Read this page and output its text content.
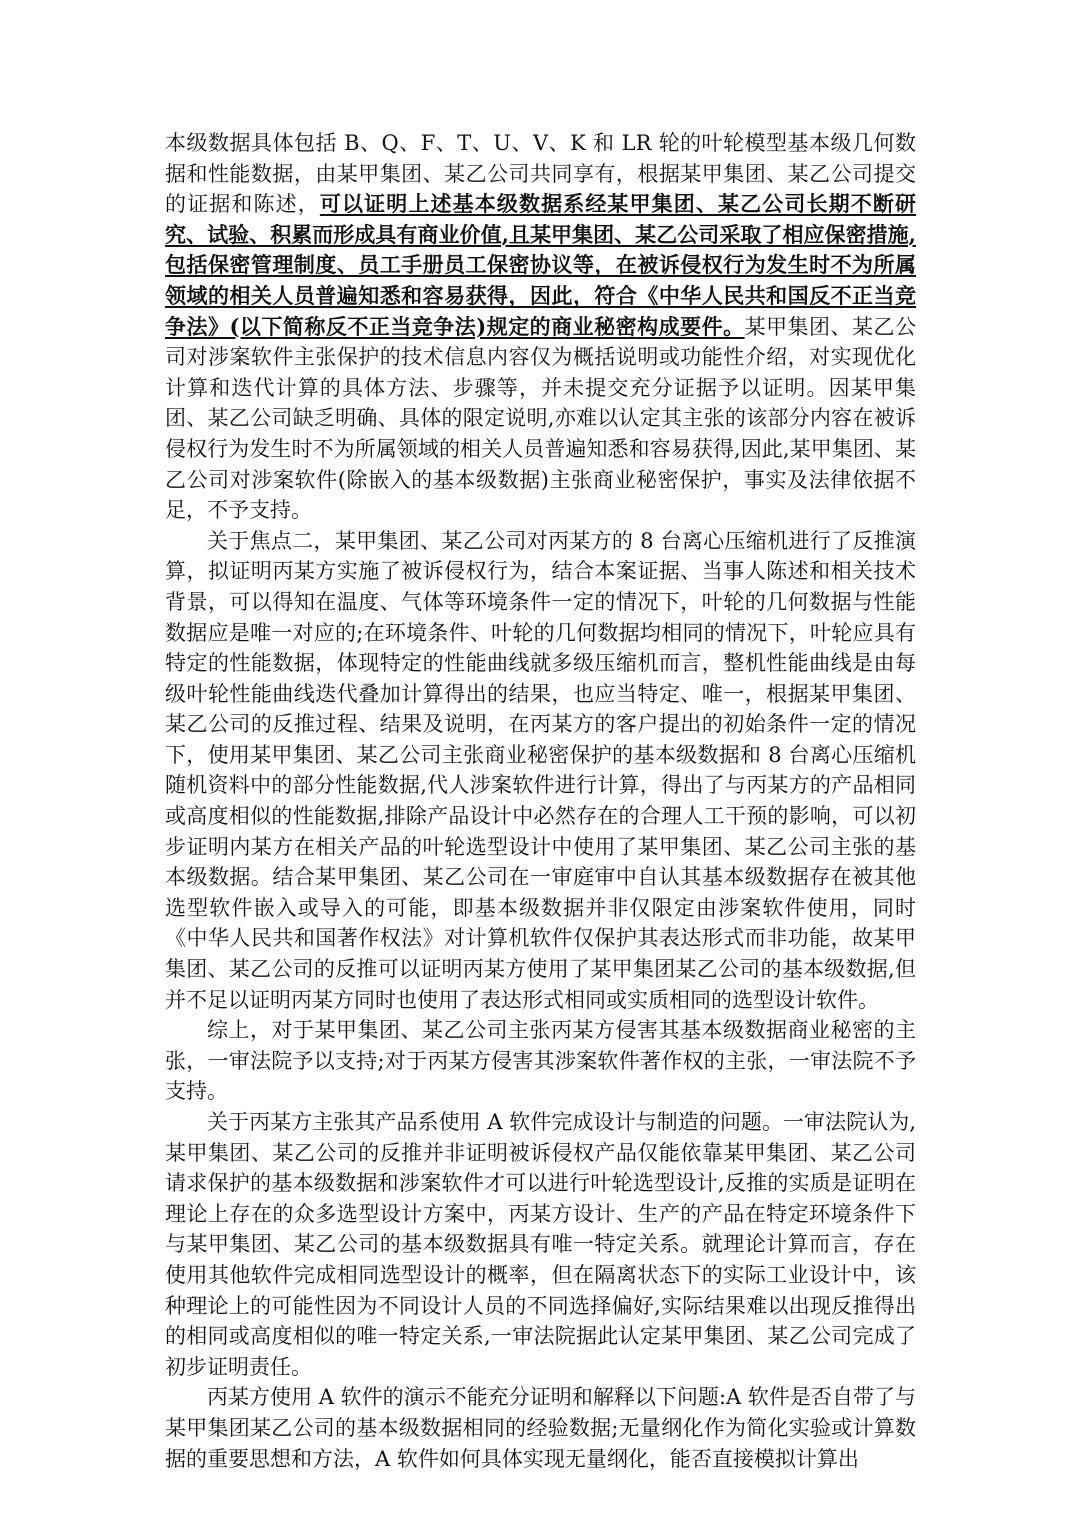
本级数据具体包括 B、Q、F、T、U、V、K 和 LR 轮的叶轮模型基本级几何数据和性能数据，由某甲集团、某乙公司共同享有，根据某甲集团、某乙公司提交的证据和陈述，可以证明上述基本级数据系经某甲集团、某乙公司长期不断研究、试验、积累而形成具有商业价值,且某甲集团、某乙公司采取了相应保密措施,包括保密管理制度、员工手册员工保密协议等，在被诉侵权行为发生时不为所属领域的相关人员普遍知悉和容易获得，因此，符合《中华人民共和国反不正当竞争法》(以下简称反不正当竞争法)规定的商业秘密构成要件。某甲集团、某乙公司对涉案软件主张保护的技术信息内容仅为概括说明或功能性介绍，对实现优化计算和迭代计算的具体方法、步骤等，并未提交充分证据予以证明。因某甲集团、某乙公司缺乏明确、具体的限定说明,亦难以认定其主张的该部分内容在被诉侵权行为发生时不为所属领域的相关人员普遍知悉和容易获得,因此,某甲集团、某乙公司对涉案软件(除嵌入的基本级数据)主张商业秘密保护，事实及法律依据不足，不予支持。

关于焦点二，某甲集团、某乙公司对丙某方的 8 台离心压缩机进行了反推演算，拟证明丙某方实施了被诉侵权行为，结合本案证据、当事人陈述和相关技术背景，可以得知在温度、气体等环境条件一定的情况下，叶轮的几何数据与性能数据应是唯一对应的;在环境条件、叶轮的几何数据均相同的情况下，叶轮应具有特定的性能数据，体现特定的性能曲线就多级压缩机而言，整机性能曲线是由每级叶轮性能曲线迭代叠加计算得出的结果，也应当特定、唯一，根据某甲集团、某乙公司的反推过程、结果及说明，在丙某方的客户提出的初始条件一定的情况下，使用某甲集团、某乙公司主张商业秘密保护的基本级数据和 8 台离心压缩机随机资料中的部分性能数据,代人涉案软件进行计算，得出了与丙某方的产品相同或高度相似的性能数据,排除产品设计中必然存在的合理人工干预的影响，可以初步证明内某方在相关产品的叶轮选型设计中使用了某甲集团、某乙公司主张的基本级数据。结合某甲集团、某乙公司在一审庭审中自认其基本级数据存在被其他选型软件嵌入或导入的可能，即基本级数据并非仅限定由涉案软件使用，同时《中华人民共和国著作权法》对计算机软件仅保护其表达形式而非功能，故某甲集团、某乙公司的反推可以证明丙某方使用了某甲集团某乙公司的基本级数据,但并不足以证明丙某方同时也使用了表达形式相同或实质相同的选型设计软件。

综上，对于某甲集团、某乙公司主张丙某方侵害其基本级数据商业秘密的主张，一审法院予以支持;对于丙某方侵害其涉案软件著作权的主张，一审法院不予支持。

关于丙某方主张其产品系使用 A 软件完成设计与制造的问题。一审法院认为,某甲集团、某乙公司的反推并非证明被诉侵权产品仅能依靠某甲集团、某乙公司请求保护的基本级数据和涉案软件才可以进行叶轮选型设计,反推的实质是证明在理论上存在的众多选型设计方案中，丙某方设计、生产的产品在特定环境条件下与某甲集团、某乙公司的基本级数据具有唯一特定关系。就理论计算而言，存在使用其他软件完成相同选型设计的概率，但在隔离状态下的实际工业设计中，该种理论上的可能性因为不同设计人员的不同选择偏好,实际结果难以出现反推得出的相同或高度相似的唯一特定关系,一审法院据此认定某甲集团、某乙公司完成了初步证明责任。

丙某方使用 A 软件的演示不能充分证明和解释以下问题:A 软件是否自带了与某甲集团某乙公司的基本级数据相同的经验数据;无量纲化作为简化实验或计算数据的重要思想和方法，A 软件如何具体实现无量纲化，能否直接模拟计算出
